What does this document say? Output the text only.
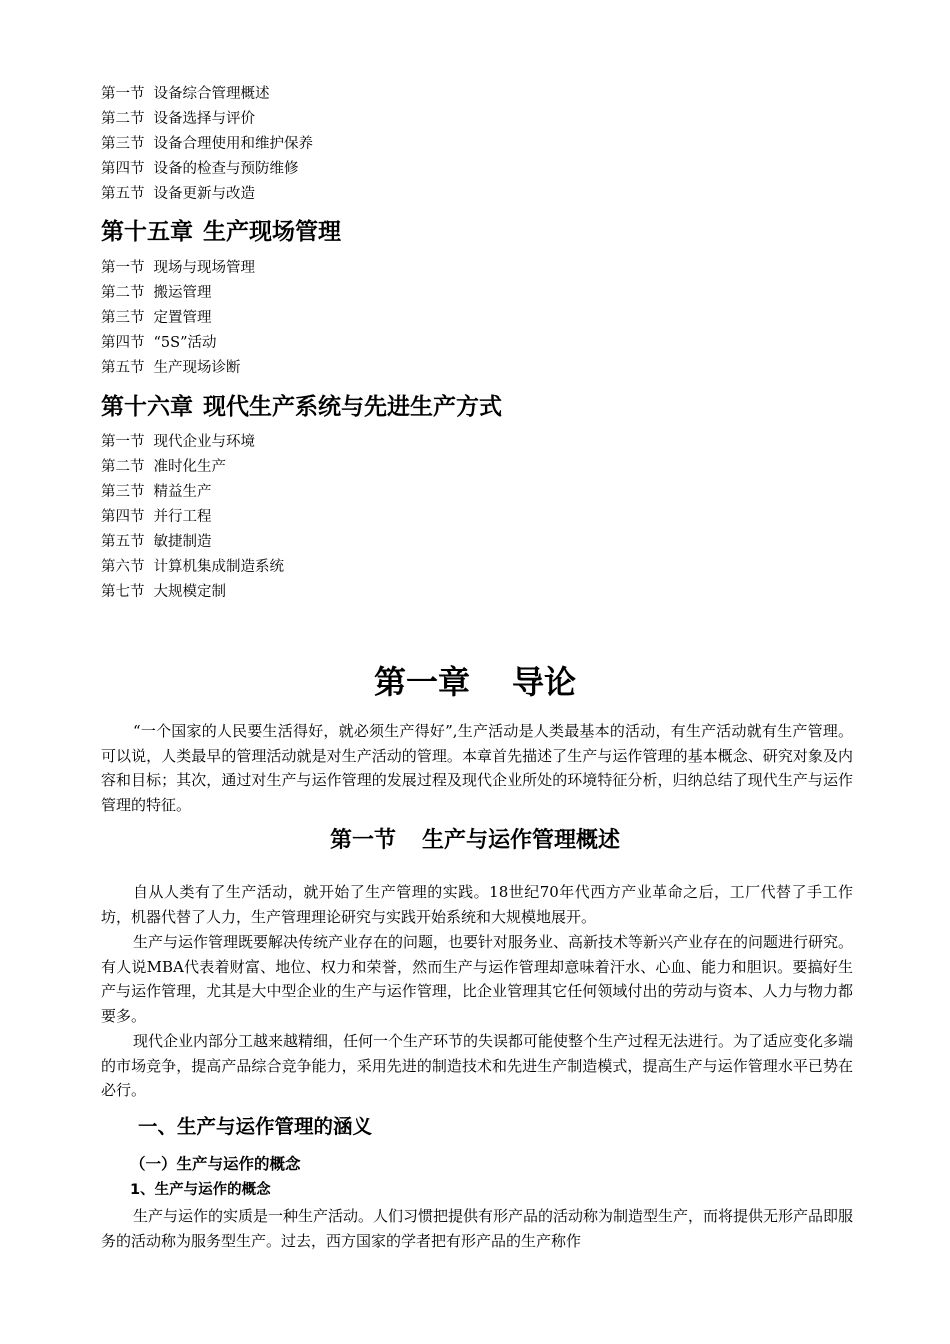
第一节 设备综合管理概述
第二节 设备选择与评价
第三节 设备合理使用和维护保养
第四节 设备的检查与预防维修
第五节 设备更新与改造
第十五章 生产现场管理
第一节 现场与现场管理
第二节 搬运管理
第三节 定置管理
第四节 “5S”活动
第五节 生产现场诊断
第十六章 现代生产系统与先进生产方式
第一节 现代企业与环境
第二节 准时化生产
第三节 精益生产
第四节 并行工程
第五节 敏捷制造
第六节 计算机集成制造系统
第七节 大规模定制
第一章 导论
“一个国家的人民要生活得好，就必须生产得好”,生产活动是人类最基本的活动，有生产活动就有生产管理。可以说，人类最早的管理活动就是对生产活动的管理。本章首先描述了生产与运作管理的基本概念、研究对象及内容和目标；其次，通过对生产与运作管理的发展过程及现代企业所处的环境特征分析，归纳总结了现代生产与运作管理的特征。
第一节 生产与运作管理概述
自从人类有了生产活动，就开始了生产管理的实践。18世纪70年代西方产业革命之后，工厂代替了手工作坊，机器代替了人力，生产管理理论研究与实践开始系统和大规模地展开。
生产与运作管理既要解决传统产业存在的问题，也要针对服务业、高新技术等新兴产业存在的问题进行研究。有人说MBA代表着财富、地位、权力和荣誉，然而生产与运作管理却意味着汗水、心血、能力和胆识。要搞好生产与运作管理，尤其是大中型企业的生产与运作管理，比企业管理其它任何领域付出的劳动与资本、人力与物力都要多。
现代企业内部分工越来越精细，任何一个生产环节的失误都可能使整个生产过程无法进行。为了适应变化多端的市场竞争，提高产品综合竞争能力，采用先进的制造技术和先进生产制造模式，提高生产与运作管理水平已势在必行。
一、生产与运作管理的涵义
（一）生产与运作的概念
1、生产与运作的概念
生产与运作的实质是一种生产活动。人们习惯把提供有形产品的活动称为制造型生产，而将提供无形产品即服务的活动称为服务型生产。过去，西方国家的学者把有形产品的生产称作
